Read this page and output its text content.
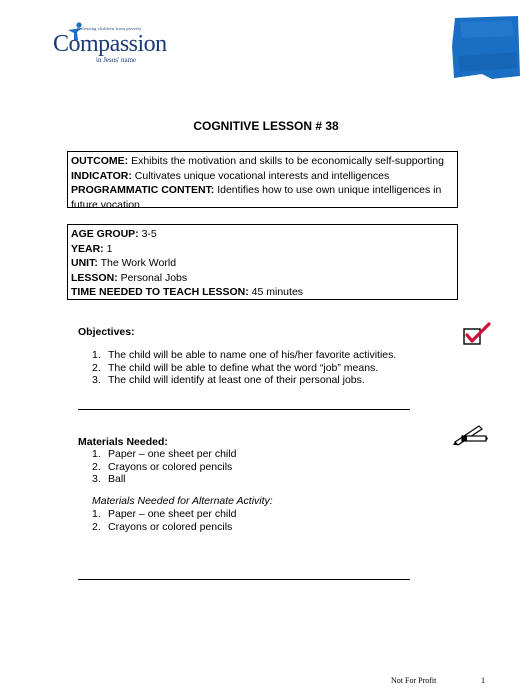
Releasing children from poverty
Compassion
in Jesus' name
COGNITIVE LESSON # 38
OUTCOME: Exhibits the motivation and skills to be economically self-supporting
INDICATOR: Cultivates unique vocational interests and intelligences
PROGRAMMATIC CONTENT: Identifies how to use own unique intelligences in future vocation.
AGE GROUP: 3-5
YEAR: 1
UNIT: The Work World
LESSON: Personal Jobs
TIME NEEDED TO TEACH LESSON: 45 minutes
Objectives:
1. The child will be able to name one of his/her favorite activities.
2. The child will be able to define what the word “job” means.
3. The child will identify at least one of their personal jobs.
Materials Needed:
1. Paper – one sheet per child
2. Crayons or colored pencils
3. Ball
Materials Needed for Alternate Activity:
1. Paper – one sheet per child
2. Crayons or colored pencils
Not For Profit	1
